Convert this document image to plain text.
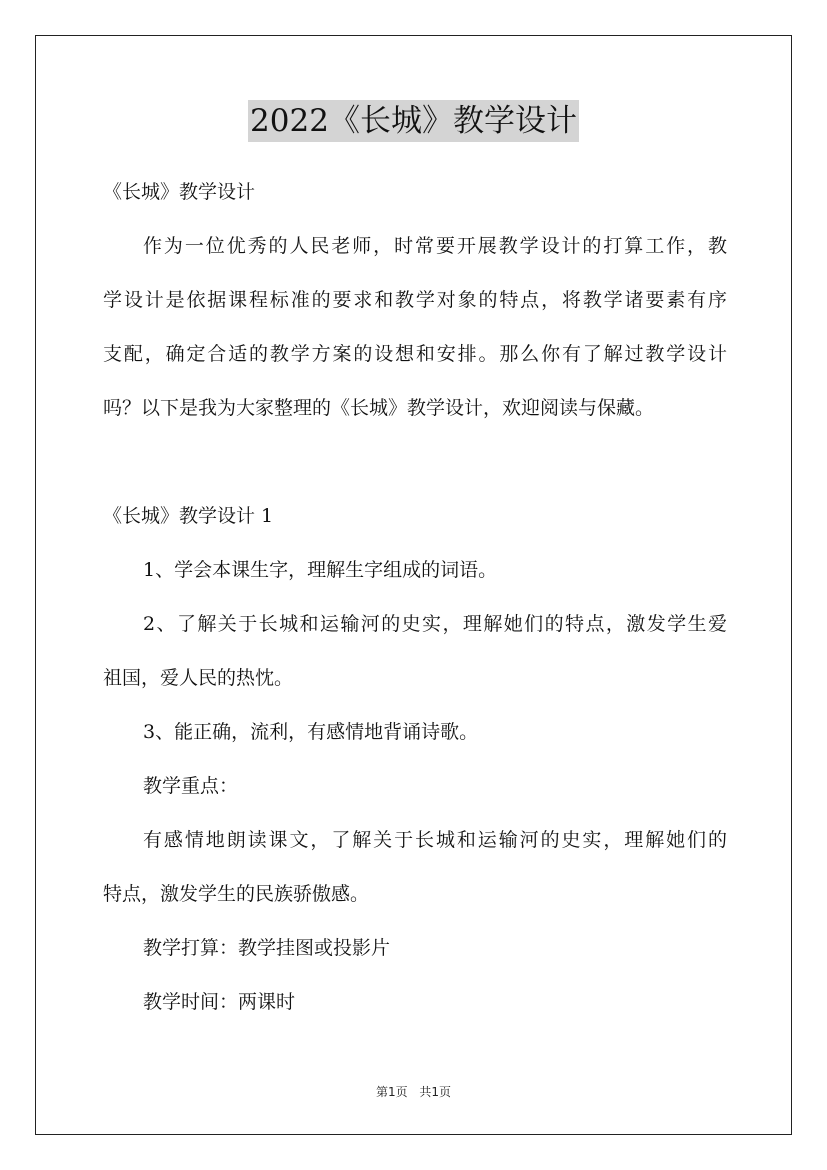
2022《长城》教学设计

《长城》教学设计

作为一位优秀的人民老师，时常要开展教学设计的打算工作，教

学设计是依据课程标准的要求和教学对象的特点，将教学诸要素有序

支配，确定合适的教学方案的设想和安排。那么你有了解过教学设计

吗？以下是我为大家整理的《长城》教学设计，欢迎阅读与保藏。

《长城》教学设计 1

1、学会本课生字，理解生字组成的词语。

2、了解关于长城和运输河的史实，理解她们的特点，激发学生爱

祖国，爱人民的热忱。

3、能正确，流利，有感情地背诵诗歌。

教学重点：

有感情地朗读课文，了解关于长城和运输河的史实，理解她们的

特点，激发学生的民族骄傲感。

教学打算：教学挂图或投影片

教学时间：两课时

第1页 共1页
